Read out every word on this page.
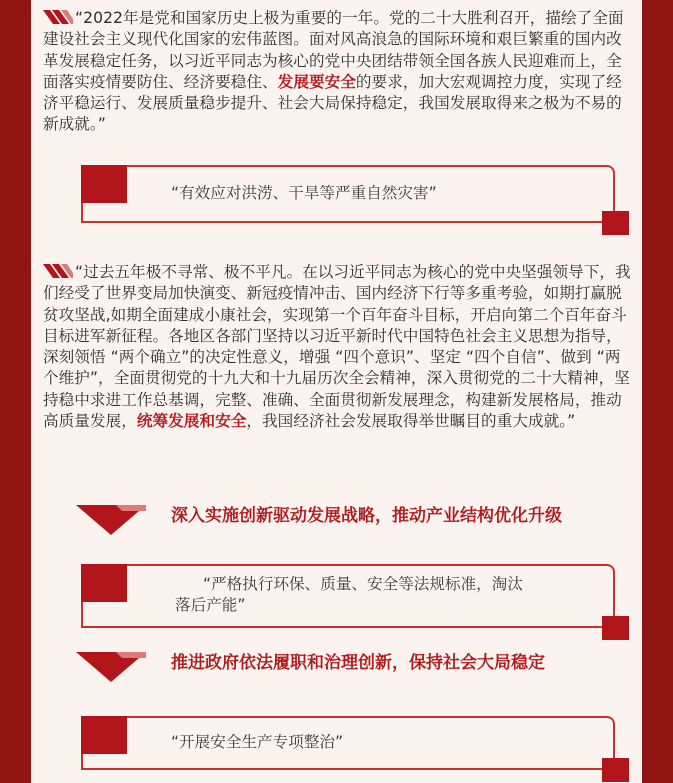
“2022年是党和国家历史上极为重要的一年。党的二十大胜利召开，描绘了全面建设社会主义现代化国家的宏伟蓝图。面对风高浪急的国际环境和艰巨繁重的国内改革发展稳定任务，以习近平同志为核心的党中央团结带领全国各族人民迎难而上，全面落实疫情要防住、经济要稳住、发展要安全的要求，加大宏观调控力度，实现了经济平稳运行、发展质量稳步提升、社会大局保持稳定，我国发展取得来之极为不易的新成就。”

“有效应对洪涝、干旱等严重自然灾害”

“过去五年极不寻常、极不平凡。在以习近平同志为核心的党中央坚强领导下，我们经受了世界变局加快演变、新冠疫情冲击、国内经济下行等多重考验，如期打赢脱贫攻坚战,如期全面建成小康社会，实现第一个百年奋斗目标，开启向第二个百年奋斗目标进军新征程。各地区各部门坚持以习近平新时代中国特色社会主义思想为指导，深刻领悟 “两个确立”的决定性意义，增强 “四个意识”、坚定 “四个自信”、做到 “两个维护”，全面贯彻党的十九大和十九届历次全会精神，深入贯彻党的二十大精神，坚持稳中求进工作总基调，完整、准确、全面贯彻新发展理念，构建新发展格局，推动高质量发展，统筹发展和安全，我国经济社会发展取得举世瞩目的重大成就。”

深入实施创新驱动发展战略，推动产业结构优化升级
“严格执行环保、质量、安全等法规标准，淘汰
落后产能”
推进政府依法履职和治理创新，保持社会大局稳定
“开展安全生产专项整治”
